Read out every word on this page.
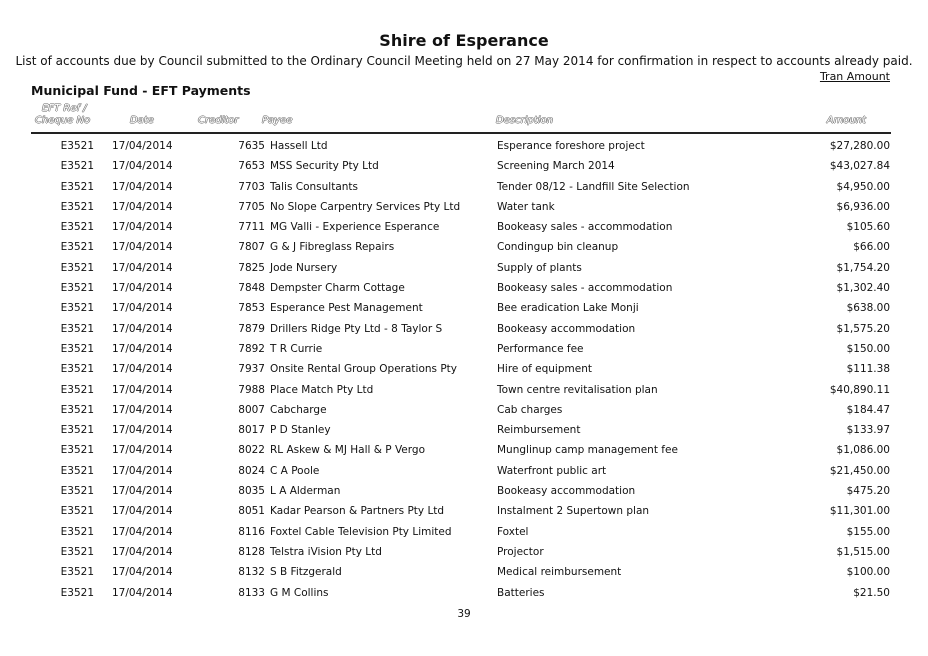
Shire of Esperance
List of accounts due by Council submitted to the Ordinary Council Meeting held on 27 May 2014 for confirmation in respect to accounts already paid.
Tran Amount
Municipal Fund - EFT Payments
EFT Ref /
Cheque No	Date	Creditor Payee	Description	Amount
E3521 17/04/2014	7635 Hassell Ltd	Esperance foreshore project	$27,280.00
E3521 17/04/2014	7653 MSS Security Pty Ltd	Screening March 2014	$43,027.84
E3521 17/04/2014	7703 Talis Consultants	Tender 08/12 - Landfill Site Selection	$4,950.00
E3521 17/04/2014	7705 No Slope Carpentry Services Pty Ltd	Water tank	$6,936.00
E3521 17/04/2014	7711 MG Valli - Experience Esperance	Bookeasy sales - accommodation	$105.60
E3521 17/04/2014	7807 G & J Fibreglass Repairs	Condingup bin cleanup	$66.00
E3521 17/04/2014	7825 Jode Nursery	Supply of plants	$1,754.20
E3521 17/04/2014	7848 Dempster Charm Cottage	Bookeasy sales - accommodation	$1,302.40
E3521 17/04/2014	7853 Esperance Pest Management	Bee eradication Lake Monji	$638.00
E3521 17/04/2014	7879 Drillers Ridge Pty Ltd - 8 Taylor S	Bookeasy accommodation	$1,575.20
E3521 17/04/2014	7892 T R Currie	Performance fee	$150.00
E3521 17/04/2014	7937 Onsite Rental Group Operations Pty	Hire of equipment	$111.38
E3521 17/04/2014	7988 Place Match Pty Ltd	Town centre revitalisation plan	$40,890.11
E3521 17/04/2014	8007 Cabcharge	Cab charges	$184.47
E3521 17/04/2014	8017 P D Stanley	Reimbursement	$133.97
E3521 17/04/2014	8022 RL Askew & MJ Hall & P Vergo	Munglinup camp management fee	$1,086.00
E3521 17/04/2014	8024 C A Poole	Waterfront public art	$21,450.00
E3521 17/04/2014	8035 L A Alderman	Bookeasy accommodation	$475.20
E3521 17/04/2014	8051 Kadar Pearson & Partners Pty Ltd	Instalment 2 Supertown plan	$11,301.00
E3521 17/04/2014	8116 Foxtel Cable Television Pty Limited	Foxtel	$155.00
E3521 17/04/2014	8128 Telstra iVision Pty Ltd	Projector	$1,515.00
E3521 17/04/2014	8132 S B Fitzgerald	Medical reimbursement	$100.00
E3521 17/04/2014	8133 G M Collins	Batteries	$21.50
39
